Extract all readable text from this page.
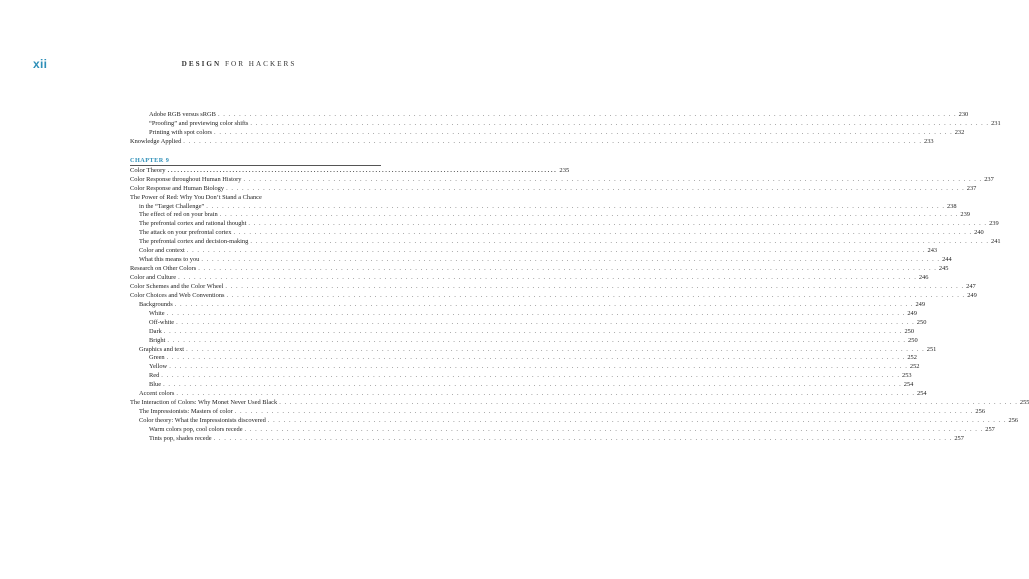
xii	DESIGN FOR HACKERS
Adobe RGB versus sRGB . . . . . . . . . . . . . . . . . . . . . . . . . . . . . . . . . . . . . . . . . . . . . . . . . . . . . . . . . . . . . . . . . . . . . . . . . . . . . . . . . . . . . . . . . . . . . . . . . . . . . . . . . . . . . . . . . . . . . . . . . . . . . . . . . . . . . . . . . . . . 230
“Proofing” and previewing color shifts . . . . . . . . . . . . . . . . . . . . . . . . . . . . . . . . . . . . . . . . . . . . . . . . . . . . . . . . . . . . . . . . . . . . . . . . . . . . . . . . . . . . . . . . . . . . . . . . . . . . . . . . . . . . . . . . . . . . . . . . . . . . . . . . . . . . . . . . . . . . 231
Printing with spot colors . . . . . . . . . . . . . . . . . . . . . . . . . . . . . . . . . . . . . . . . . . . . . . . . . . . . . . . . . . . . . . . . . . . . . . . . . . . . . . . . . . . . . . . . . . . . . . . . . . . . . . . . . . . . . . . . . . . . . . . . . . . . . . . . . . . . . . . . . . . . 232
Knowledge Applied . . . . . . . . . . . . . . . . . . . . . . . . . . . . . . . . . . . . . . . . . . . . . . . . . . . . . . . . . . . . . . . . . . . . . . . . . . . . . . . . . . . . . . . . . . . . . . . . . . . . . . . . . . . . . . . . . . . . . . . . . . . . . . . . . . . . . . . . . . . . 233
CHAPTER 9
Color Theory ........................................................................................................................ 235
Color Response throughout Human History . . . . . . . . . . . . . . . . . . . . . . . . . . . . . . . . . . . . . . . . . . . . . . . . . . . . . . . . . . . . . . . . . . . . . . . . . . . . . . . . . . . . . . . . . . . . . . . . . . . . . . . . . . . . . . . . . . . . . . . . . . . . . . . . . . . . . . . . . . . . 237
Color Response and Human Biology . . . . . . . . . . . . . . . . . . . . . . . . . . . . . . . . . . . . . . . . . . . . . . . . . . . . . . . . . . . . . . . . . . . . . . . . . . . . . . . . . . . . . . . . . . . . . . . . . . . . . . . . . . . . . . . . . . . . . . . . . . . . . . . . . . . . . . . . . . . . 237
The Power of Red: Why You Don’t Stand a Chance
in the “Target Challenge” . . . . . . . . . . . . . . . . . . . . . . . . . . . . . . . . . . . . . . . . . . . . . . . . . . . . . . . . . . . . . . . . . . . . . . . . . . . . . . . . . . . . . . . . . . . . . . . . . . . . . . . . . . . . . . . . . . . . . . . . . . . . . . . . . . . . . . . . . . . . 238
The effect of red on your brain . . . . . . . . . . . . . . . . . . . . . . . . . . . . . . . . . . . . . . . . . . . . . . . . . . . . . . . . . . . . . . . . . . . . . . . . . . . . . . . . . . . . . . . . . . . . . . . . . . . . . . . . . . . . . . . . . . . . . . . . . . . . . . . . . . . . . . . . . . . . 239
The prefrontal cortex and rational thought . . . . . . . . . . . . . . . . . . . . . . . . . . . . . . . . . . . . . . . . . . . . . . . . . . . . . . . . . . . . . . . . . . . . . . . . . . . . . . . . . . . . . . . . . . . . . . . . . . . . . . . . . . . . . . . . . . . . . . . . . . . . . . . . . . . . . . . . . . . . 239
The attack on your prefrontal cortex . . . . . . . . . . . . . . . . . . . . . . . . . . . . . . . . . . . . . . . . . . . . . . . . . . . . . . . . . . . . . . . . . . . . . . . . . . . . . . . . . . . . . . . . . . . . . . . . . . . . . . . . . . . . . . . . . . . . . . . . . . . . . . . . . . . . . . . . . . . . 240
The prefrontal cortex and decision-making . . . . . . . . . . . . . . . . . . . . . . . . . . . . . . . . . . . . . . . . . . . . . . . . . . . . . . . . . . . . . . . . . . . . . . . . . . . . . . . . . . . . . . . . . . . . . . . . . . . . . . . . . . . . . . . . . . . . . . . . . . . . . . . . . . . . . . . . . . . . 241
Color and context . . . . . . . . . . . . . . . . . . . . . . . . . . . . . . . . . . . . . . . . . . . . . . . . . . . . . . . . . . . . . . . . . . . . . . . . . . . . . . . . . . . . . . . . . . . . . . . . . . . . . . . . . . . . . . . . . . . . . . . . . . . . . . . . . . . . . . . . . . . . 243
What this means to you . . . . . . . . . . . . . . . . . . . . . . . . . . . . . . . . . . . . . . . . . . . . . . . . . . . . . . . . . . . . . . . . . . . . . . . . . . . . . . . . . . . . . . . . . . . . . . . . . . . . . . . . . . . . . . . . . . . . . . . . . . . . . . . . . . . . . . . . . . . . 244
Research on Other Colors . . . . . . . . . . . . . . . . . . . . . . . . . . . . . . . . . . . . . . . . . . . . . . . . . . . . . . . . . . . . . . . . . . . . . . . . . . . . . . . . . . . . . . . . . . . . . . . . . . . . . . . . . . . . . . . . . . . . . . . . . . . . . . . . . . . . . . . . . . . . 245
Color and Culture . . . . . . . . . . . . . . . . . . . . . . . . . . . . . . . . . . . . . . . . . . . . . . . . . . . . . . . . . . . . . . . . . . . . . . . . . . . . . . . . . . . . . . . . . . . . . . . . . . . . . . . . . . . . . . . . . . . . . . . . . . . . . . . . . . . . . . . . . . . . 246
Color Schemes and the Color Wheel . . . . . . . . . . . . . . . . . . . . . . . . . . . . . . . . . . . . . . . . . . . . . . . . . . . . . . . . . . . . . . . . . . . . . . . . . . . . . . . . . . . . . . . . . . . . . . . . . . . . . . . . . . . . . . . . . . . . . . . . . . . . . . . . . . . . . . . . . . . . 247
Color Choices and Web Conventions . . . . . . . . . . . . . . . . . . . . . . . . . . . . . . . . . . . . . . . . . . . . . . . . . . . . . . . . . . . . . . . . . . . . . . . . . . . . . . . . . . . . . . . . . . . . . . . . . . . . . . . . . . . . . . . . . . . . . . . . . . . . . . . . . . . . . . . . . . . . 249
Backgrounds . . . . . . . . . . . . . . . . . . . . . . . . . . . . . . . . . . . . . . . . . . . . . . . . . . . . . . . . . . . . . . . . . . . . . . . . . . . . . . . . . . . . . . . . . . . . . . . . . . . . . . . . . . . . . . . . . . . . . . . . . . . . . . . . . . . . . . . . . . . . 249
White . . . . . . . . . . . . . . . . . . . . . . . . . . . . . . . . . . . . . . . . . . . . . . . . . . . . . . . . . . . . . . . . . . . . . . . . . . . . . . . . . . . . . . . . . . . . . . . . . . . . . . . . . . . . . . . . . . . . . . . . . . . . . . . . . . . . . . . . . . . . 249
Off-white . . . . . . . . . . . . . . . . . . . . . . . . . . . . . . . . . . . . . . . . . . . . . . . . . . . . . . . . . . . . . . . . . . . . . . . . . . . . . . . . . . . . . . . . . . . . . . . . . . . . . . . . . . . . . . . . . . . . . . . . . . . . . . . . . . . . . . . . . . . . 250
Dark . . . . . . . . . . . . . . . . . . . . . . . . . . . . . . . . . . . . . . . . . . . . . . . . . . . . . . . . . . . . . . . . . . . . . . . . . . . . . . . . . . . . . . . . . . . . . . . . . . . . . . . . . . . . . . . . . . . . . . . . . . . . . . . . . . . . . . . . . . . . 250
Bright . . . . . . . . . . . . . . . . . . . . . . . . . . . . . . . . . . . . . . . . . . . . . . . . . . . . . . . . . . . . . . . . . . . . . . . . . . . . . . . . . . . . . . . . . . . . . . . . . . . . . . . . . . . . . . . . . . . . . . . . . . . . . . . . . . . . . . . . . . . . 250
Graphics and text . . . . . . . . . . . . . . . . . . . . . . . . . . . . . . . . . . . . . . . . . . . . . . . . . . . . . . . . . . . . . . . . . . . . . . . . . . . . . . . . . . . . . . . . . . . . . . . . . . . . . . . . . . . . . . . . . . . . . . . . . . . . . . . . . . . . . . . . . . . . 251
Green . . . . . . . . . . . . . . . . . . . . . . . . . . . . . . . . . . . . . . . . . . . . . . . . . . . . . . . . . . . . . . . . . . . . . . . . . . . . . . . . . . . . . . . . . . . . . . . . . . . . . . . . . . . . . . . . . . . . . . . . . . . . . . . . . . . . . . . . . . . . 252
Yellow . . . . . . . . . . . . . . . . . . . . . . . . . . . . . . . . . . . . . . . . . . . . . . . . . . . . . . . . . . . . . . . . . . . . . . . . . . . . . . . . . . . . . . . . . . . . . . . . . . . . . . . . . . . . . . . . . . . . . . . . . . . . . . . . . . . . . . . . . . . . 252
Red . . . . . . . . . . . . . . . . . . . . . . . . . . . . . . . . . . . . . . . . . . . . . . . . . . . . . . . . . . . . . . . . . . . . . . . . . . . . . . . . . . . . . . . . . . . . . . . . . . . . . . . . . . . . . . . . . . . . . . . . . . . . . . . . . . . . . . . . . . . . 253
Blue . . . . . . . . . . . . . . . . . . . . . . . . . . . . . . . . . . . . . . . . . . . . . . . . . . . . . . . . . . . . . . . . . . . . . . . . . . . . . . . . . . . . . . . . . . . . . . . . . . . . . . . . . . . . . . . . . . . . . . . . . . . . . . . . . . . . . . . . . . . . 254
Accent colors . . . . . . . . . . . . . . . . . . . . . . . . . . . . . . . . . . . . . . . . . . . . . . . . . . . . . . . . . . . . . . . . . . . . . . . . . . . . . . . . . . . . . . . . . . . . . . . . . . . . . . . . . . . . . . . . . . . . . . . . . . . . . . . . . . . . . . . . . . . . 254
The Interaction of Colors: Why Monet Never Used Black . . . . . . . . . . . . . . . . . . . . . . . . . . . . . . . . . . . . . . . . . . . . . . . . . . . . . . . . . . . . . . . . . . . . . . . . . . . . . . . . . . . . . . . . . . . . . . . . . . . . . . . . . . . . . . . . . . . . . . . . . . . . . . . . . . . . . . . . . . . . 255
The Impressionists: Masters of color . . . . . . . . . . . . . . . . . . . . . . . . . . . . . . . . . . . . . . . . . . . . . . . . . . . . . . . . . . . . . . . . . . . . . . . . . . . . . . . . . . . . . . . . . . . . . . . . . . . . . . . . . . . . . . . . . . . . . . . . . . . . . . . . . . . . . . . . . . . . 256
Color theory: What the Impressionists discovered . . . . . . . . . . . . . . . . . . . . . . . . . . . . . . . . . . . . . . . . . . . . . . . . . . . . . . . . . . . . . . . . . . . . . . . . . . . . . . . . . . . . . . . . . . . . . . . . . . . . . . . . . . . . . . . . . . . . . . . . . . . . . . . . . . . . . . . . . . . . 256
Warm colors pop, cool colors recede . . . . . . . . . . . . . . . . . . . . . . . . . . . . . . . . . . . . . . . . . . . . . . . . . . . . . . . . . . . . . . . . . . . . . . . . . . . . . . . . . . . . . . . . . . . . . . . . . . . . . . . . . . . . . . . . . . . . . . . . . . . . . . . . . . . . . . . . . . . . 257
Tints pop, shades recede . . . . . . . . . . . . . . . . . . . . . . . . . . . . . . . . . . . . . . . . . . . . . . . . . . . . . . . . . . . . . . . . . . . . . . . . . . . . . . . . . . . . . . . . . . . . . . . . . . . . . . . . . . . . . . . . . . . . . . . . . . . . . . . . . . . . . . . . . . . . 257
